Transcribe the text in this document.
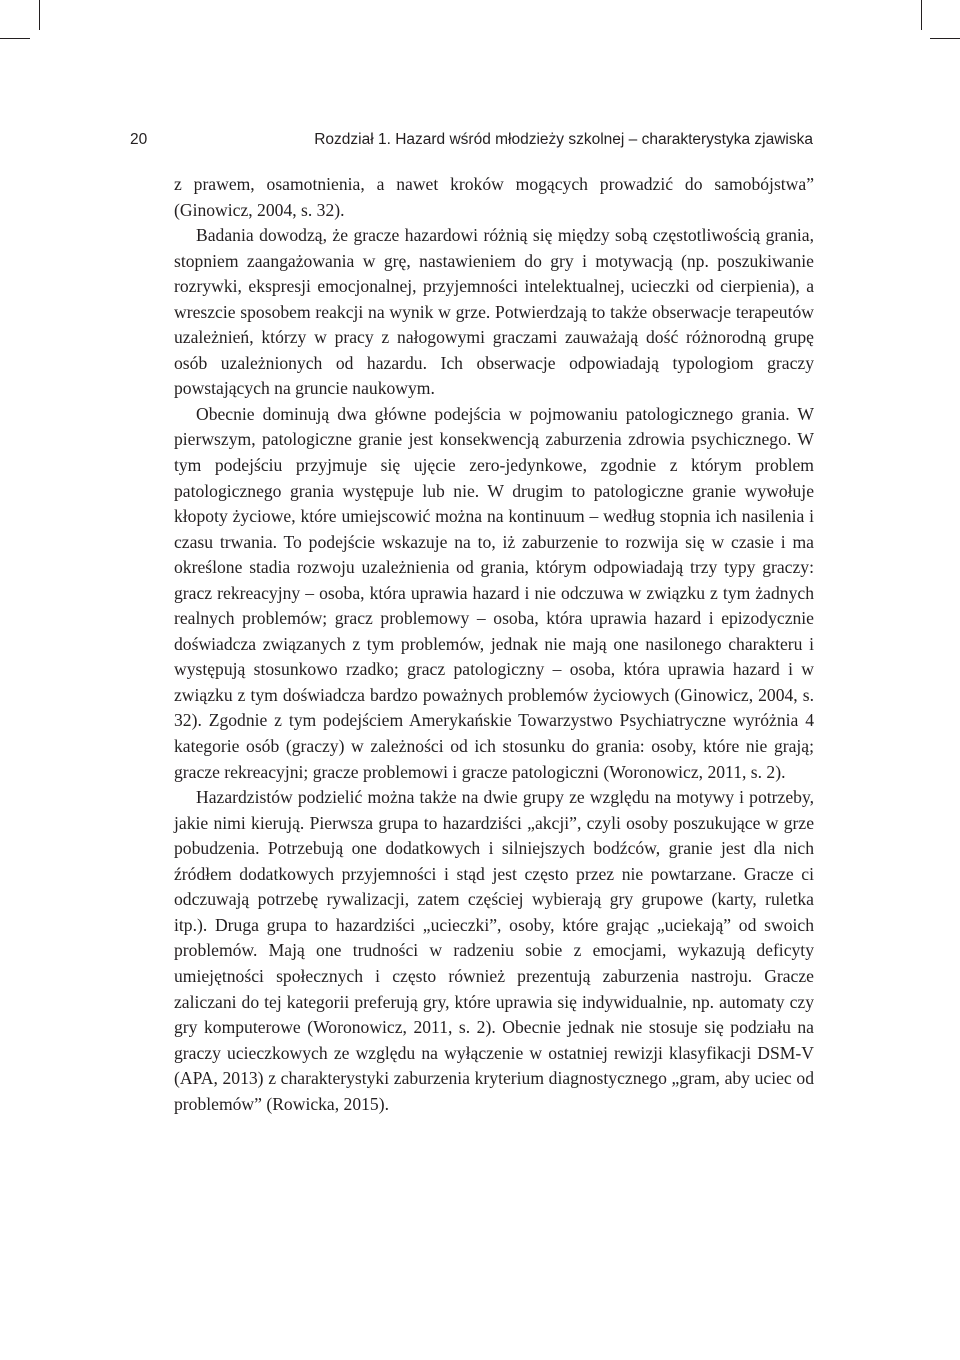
20	Rozdział 1. Hazard wśród młodzieży szkolnej – charakterystyka zjawiska

z prawem, osamotnienia, a nawet kroków mogących prowadzić do samobójstwa” (Ginowicz, 2004, s. 32).

Badania dowodzą, że gracze hazardowi różnią się między sobą częstotliwością grania, stopniem zaangażowania w grę, nastawieniem do gry i motywacją (np. poszukiwanie rozrywki, ekspresji emocjonalnej, przyjemności intelektualnej, ucieczki od cierpienia), a wreszcie sposobem reakcji na wynik w grze. Potwierdzają to także obserwacje terapeutów uzależnień, którzy w pracy z nałogowymi graczami zauważają dość różnorodną grupę osób uzależnionych od hazardu. Ich obserwacje odpowiadają typologiom graczy powstających na gruncie naukowym.

Obecnie dominują dwa główne podejścia w pojmowaniu patologicznego grania. W pierwszym, patologiczne granie jest konsekwencją zaburzenia zdrowia psychicznego. W tym podejściu przyjmuje się ujęcie zero-jedynkowe, zgodnie z którym problem patologicznego grania występuje lub nie. W drugim to patologiczne granie wywołuje kłopoty życiowe, które umiejscowić można na kontinuum – według stopnia ich nasilenia i czasu trwania. To podejście wskazuje na to, iż zaburzenie to rozwija się w czasie i ma określone stadia rozwoju uzależnienia od grania, którym odpowiadają trzy typy graczy: gracz rekreacyjny – osoba, która uprawia hazard i nie odczuwa w związku z tym żadnych realnych problemów; gracz problemowy – osoba, która uprawia hazard i epizodycznie doświadcza związanych z tym problemów, jednak nie mają one nasilonego charakteru i występują stosunkowo rzadko; gracz patologiczny – osoba, która uprawia hazard i w związku z tym doświadcza bardzo poważnych problemów życiowych (Ginowicz, 2004, s. 32). Zgodnie z tym podejściem Amerykańskie Towarzystwo Psychiatryczne wyróżnia 4 kategorie osób (graczy) w zależności od ich stosunku do grania: osoby, które nie grają; gracze rekreacyjni; gracze problemowi i gracze patologiczni (Woronowicz, 2011, s. 2).

Hazardzistów podzielić można także na dwie grupy ze względu na motywy i potrzeby, jakie nimi kierują. Pierwsza grupa to hazardziści „akcji”, czyli osoby poszukujące w grze pobudzenia. Potrzebują one dodatkowych i silniejszych bodźców, granie jest dla nich źródłem dodatkowych przyjemności i stąd jest często przez nie powtarzane. Gracze ci odczuwają potrzebę rywalizacji, zatem częściej wybierają gry grupowe (karty, ruletka itp.). Druga grupa to hazardziści „ucieczki”, osoby, które grając „uciekają” od swoich problemów. Mają one trudności w radzeniu sobie z emocjami, wykazują deficyty umiejętności społecznych i często również prezentują zaburzenia nastroju. Gracze zaliczani do tej kategorii preferują gry, które uprawia się indywidualnie, np. automaty czy gry komputerowe (Woronowicz, 2011, s. 2). Obecnie jednak nie stosuje się podziału na graczy ucieczkowych ze względu na wyłączenie w ostatniej rewizji klasyfikacji DSM-V (APA, 2013) z charakterystyki zaburzenia kryterium diagnostycznego „gram, aby uciec od problemów” (Rowicka, 2015).
